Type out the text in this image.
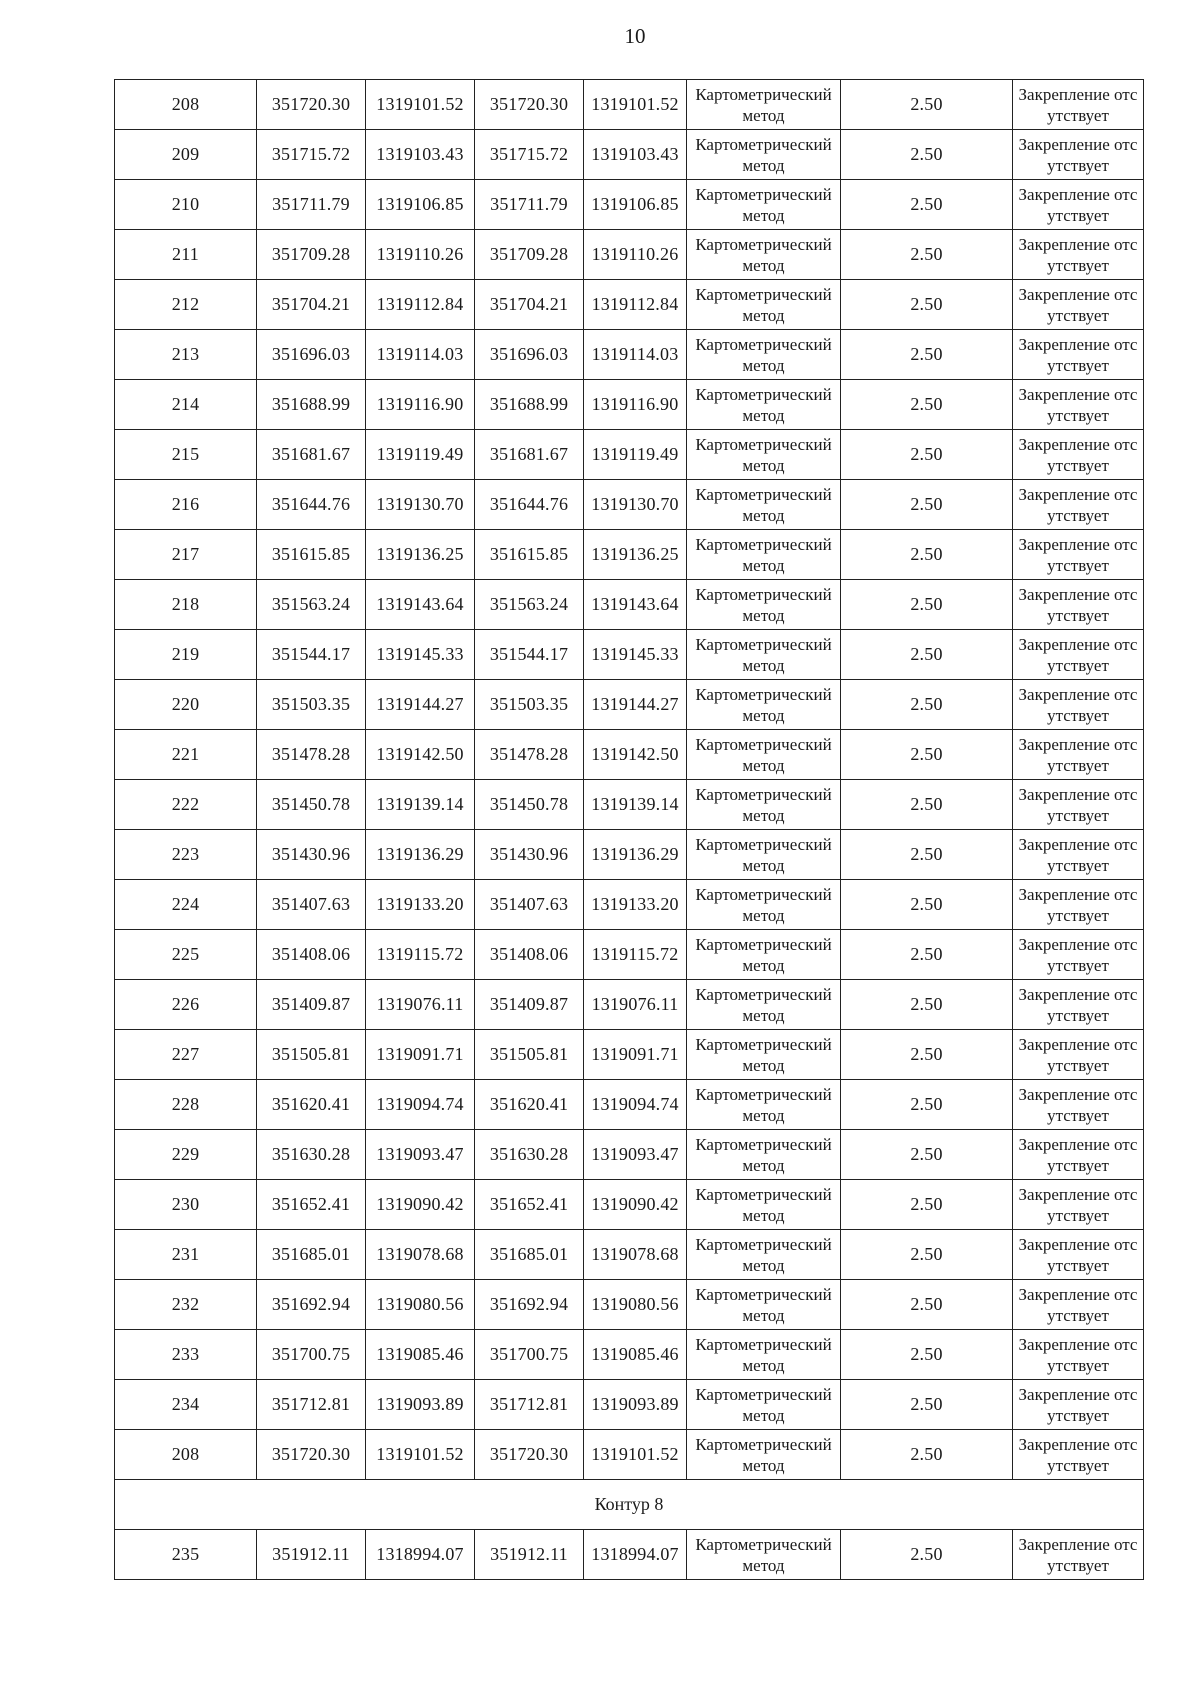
10
208	351720.30	1319101.52	351720.30	1319101.52	Картометрический метод	2.50	Закрепление отсутствует
209	351715.72	1319103.43	351715.72	1319103.43	Картометрический метод	2.50	Закрепление отсутствует
210	351711.79	1319106.85	351711.79	1319106.85	Картометрический метод	2.50	Закрепление отсутствует
211	351709.28	1319110.26	351709.28	1319110.26	Картометрический метод	2.50	Закрепление отсутствует
212	351704.21	1319112.84	351704.21	1319112.84	Картометрический метод	2.50	Закрепление отсутствует
213	351696.03	1319114.03	351696.03	1319114.03	Картометрический метод	2.50	Закрепление отсутствует
214	351688.99	1319116.90	351688.99	1319116.90	Картометрический метод	2.50	Закрепление отсутствует
215	351681.67	1319119.49	351681.67	1319119.49	Картометрический метод	2.50	Закрепление отсутствует
216	351644.76	1319130.70	351644.76	1319130.70	Картометрический метод	2.50	Закрепление отсутствует
217	351615.85	1319136.25	351615.85	1319136.25	Картометрический метод	2.50	Закрепление отсутствует
218	351563.24	1319143.64	351563.24	1319143.64	Картометрический метод	2.50	Закрепление отсутствует
219	351544.17	1319145.33	351544.17	1319145.33	Картометрический метод	2.50	Закрепление отсутствует
220	351503.35	1319144.27	351503.35	1319144.27	Картометрический метод	2.50	Закрепление отсутствует
221	351478.28	1319142.50	351478.28	1319142.50	Картометрический метод	2.50	Закрепление отсутствует
222	351450.78	1319139.14	351450.78	1319139.14	Картометрический метод	2.50	Закрепление отсутствует
223	351430.96	1319136.29	351430.96	1319136.29	Картометрический метод	2.50	Закрепление отсутствует
224	351407.63	1319133.20	351407.63	1319133.20	Картометрический метод	2.50	Закрепление отсутствует
225	351408.06	1319115.72	351408.06	1319115.72	Картометрический метод	2.50	Закрепление отсутствует
226	351409.87	1319076.11	351409.87	1319076.11	Картометрический метод	2.50	Закрепление отсутствует
227	351505.81	1319091.71	351505.81	1319091.71	Картометрический метод	2.50	Закрепление отсутствует
228	351620.41	1319094.74	351620.41	1319094.74	Картометрический метод	2.50	Закрепление отсутствует
229	351630.28	1319093.47	351630.28	1319093.47	Картометрический метод	2.50	Закрепление отсутствует
230	351652.41	1319090.42	351652.41	1319090.42	Картометрический метод	2.50	Закрепление отсутствует
231	351685.01	1319078.68	351685.01	1319078.68	Картометрический метод	2.50	Закрепление отсутствует
232	351692.94	1319080.56	351692.94	1319080.56	Картометрический метод	2.50	Закрепление отсутствует
233	351700.75	1319085.46	351700.75	1319085.46	Картометрический метод	2.50	Закрепление отсутствует
234	351712.81	1319093.89	351712.81	1319093.89	Картометрический метод	2.50	Закрепление отсутствует
208	351720.30	1319101.52	351720.30	1319101.52	Картометрический метод	2.50	Закрепление отсутствует
Контур 8							
235	351912.11	1318994.07	351912.11	1318994.07	Картометрический метод	2.50	Закрепление отсутствует
